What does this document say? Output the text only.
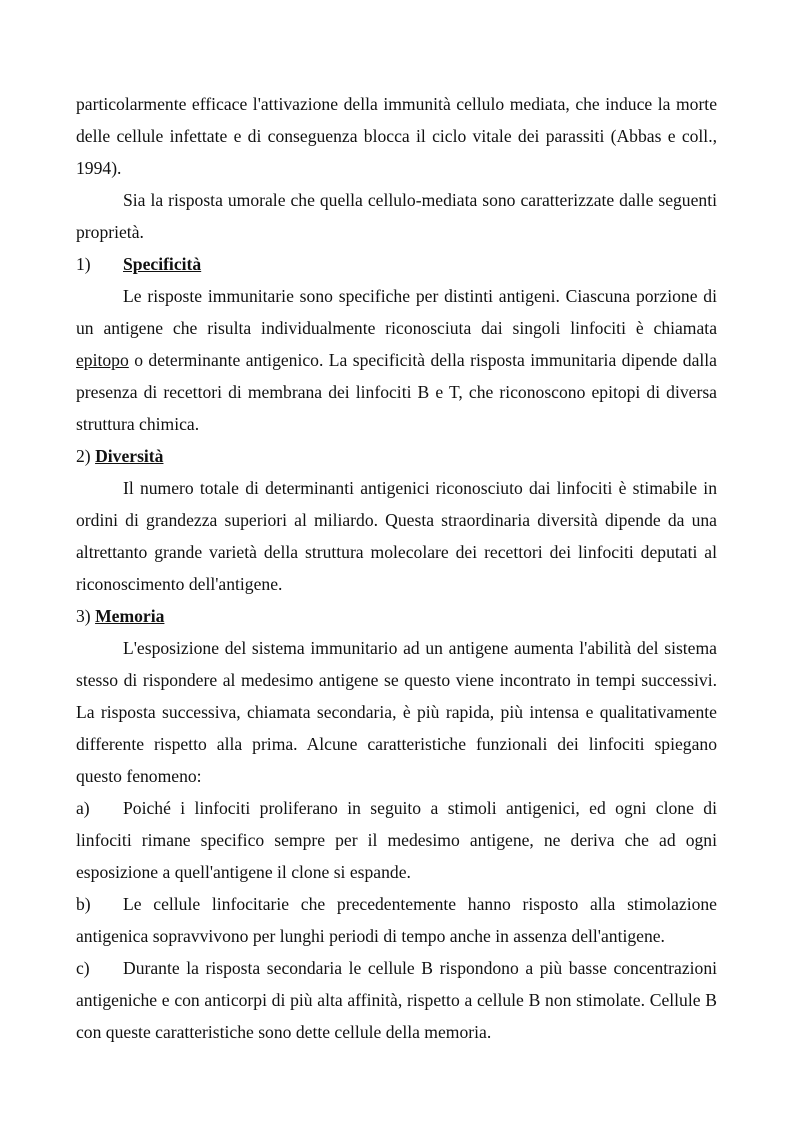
particolarmente efficace l'attivazione della immunità cellulo mediata, che induce la morte delle cellule infettate e di conseguenza blocca il ciclo vitale dei parassiti (Abbas e coll., 1994).

Sia la risposta umorale che quella cellulo-mediata sono caratterizzate dalle seguenti proprietà.

1) Specificità

Le risposte immunitarie sono specifiche per distinti antigeni. Ciascuna porzione di un antigene che risulta individualmente riconosciuta dai singoli linfociti è chiamata epitopo o determinante antigenico. La specificità della risposta immunitaria dipende dalla presenza di recettori di membrana dei linfociti B e T, che riconoscono epitopi di diversa struttura chimica.

2) Diversità

Il numero totale di determinanti antigenici riconosciuto dai linfociti è stimabile in ordini di grandezza superiori al miliardo. Questa straordinaria diversità dipende da una altrettanto grande varietà della struttura molecolare dei recettori dei linfociti deputati al riconoscimento dell'antigene.

3) Memoria

L'esposizione del sistema immunitario ad un antigene aumenta l'abilità del sistema stesso di rispondere al medesimo antigene se questo viene incontrato in tempi successivi. La risposta successiva, chiamata secondaria, è più rapida, più intensa e qualitativamente differente rispetto alla prima. Alcune caratteristiche funzionali dei linfociti spiegano questo fenomeno:

a) Poiché i linfociti proliferano in seguito a stimoli antigenici, ed ogni clone di linfociti rimane specifico sempre per il medesimo antigene, ne deriva che ad ogni esposizione a quell'antigene il clone si espande.

b) Le cellule linfocitarie che precedentemente hanno risposto alla stimolazione antigenica sopravvivono per lunghi periodi di tempo anche in assenza dell'antigene.

c) Durante la risposta secondaria le cellule B rispondono a più basse concentrazioni antigeniche e con anticorpi di più alta affinità, rispetto a cellule B non stimolate. Cellule B con queste caratteristiche sono dette cellule della memoria.
